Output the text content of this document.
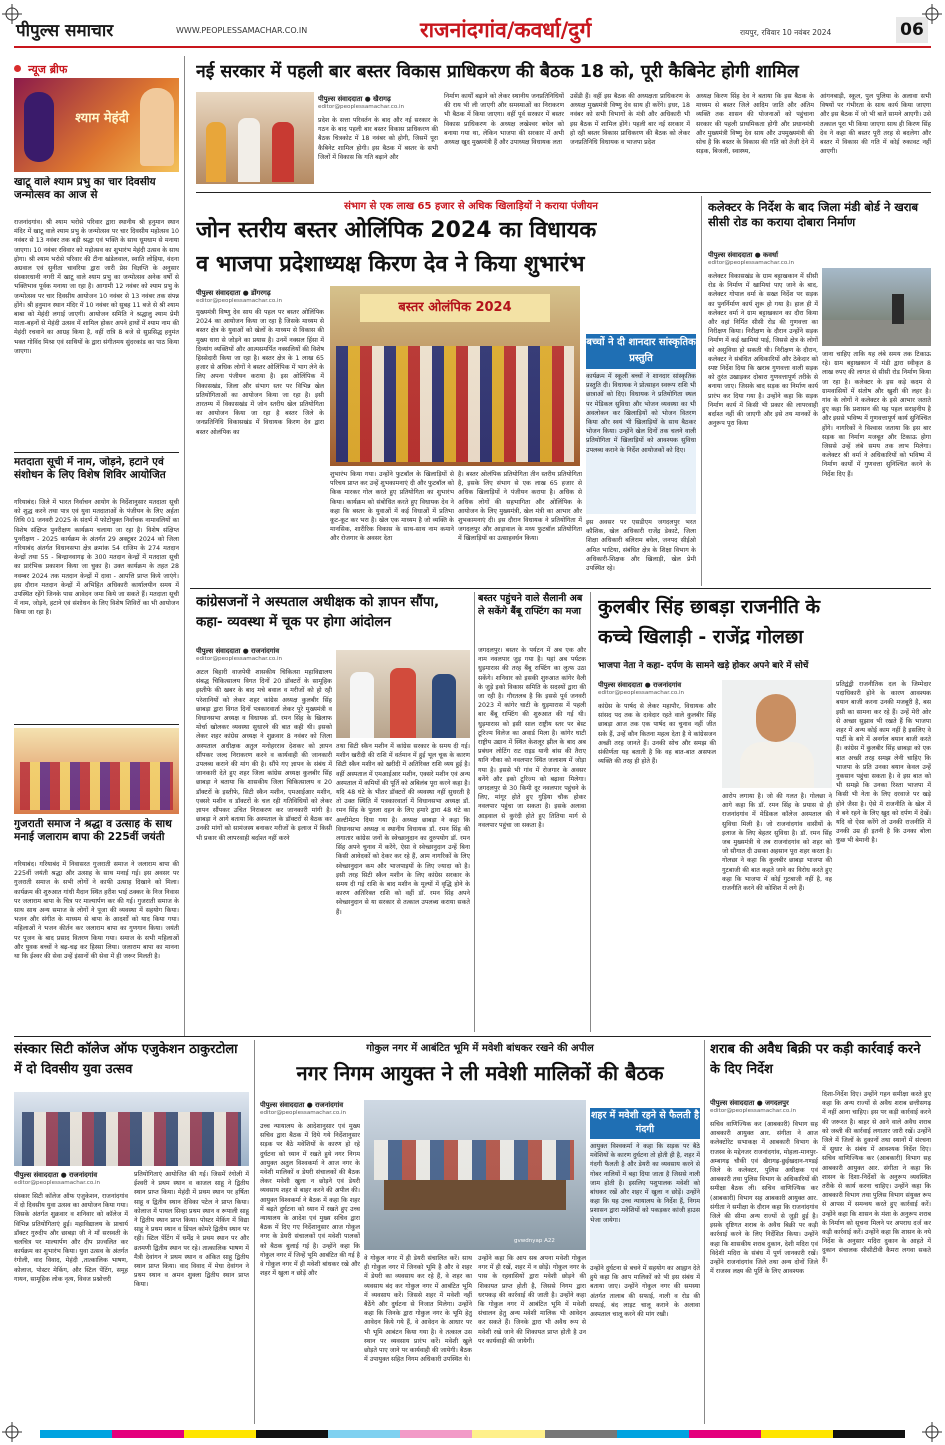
पीपुल्स समाचार	WWW.PEOPLESSAMACHAR.CO.IN	राजनांदगांव/कवर्धा/दुर्ग	रायपुर, रविवार 10 नवंबर 2024	06
न्यूज ब्रीफ
श्याम मेहंदी
खाटू वाले श्याम प्रभु का चार दिवसीय जन्मोत्सव का आज से
राजनांदगांव। श्री श्याम भरोसे परिवार द्वारा स्थानीय श्री हनुमान स्थान मंदिर में खाटू वाले श्याम प्रभु के जन्मोत्सव पर चार दिवसीय महोत्सव 10 नवंबर से 13 नवंबर तक बड़ी श्रद्धा एवं भक्ति के साथ धूमधाम से मनाया जाएगा। 10 नवंबर रविवार को महोत्सव का शुभारंभ मेहंदी उत्सव के साथ होगा। श्री श्याम भरोसे परिवार की टीना खंडेलवाल, स्वाति लोहिया, वंदना अग्रवाल एवं सुनीता चावरिया द्वारा जारी प्रेस विज्ञप्ति के अनुसार संस्कारधानी नगरी में खाटू वाले श्याम प्रभु का जन्मोत्सव अनेक वर्षों से भक्तिभाव पूर्वक मनाया जा रहा है। आगामी 12 नवंबर को श्याम प्रभु के जन्मोत्सव पर चार दिवसीय आयोजन 10 नवंबर से 13 नवंबर तक संपन्न होंगे। श्री हनुमान स्थान मंदिर में 10 नवंबर को सुबह 11 बजे से श्री श्याम बाबा को मेहंदी लगाई जाएगी। आयोजन समिति ने श्रद्धालु श्याम प्रेमी माता-बहनों से मेहंदी उत्सव में शामिल होकर अपने हाथों में श्याम नाम की मेहंदी रचवाने का आग्रह किया है, वहीं रात्रि 8 बजे से सुप्रसिद्ध हनुमंत भक्त गोविंद मिश्रा एवं साथियों के द्वारा संगीतमय सुंदरकांड का पाठ किया जाएगा।
मतदाता सूची में नाम, जोड़ने, हटाने एवं संशोधन के लिए विशेष शिविर आयोजित
गरियाबंद। जिले में भारत निर्वाचन आयोग के निर्देशानुसार मतदाता सूची को शुद्ध करने तथा पात्र एवं युवा मतदाताओं के पंजीयन के लिए अर्हता तिथि 01 जनवरी 2025 के संदर्भ में फोटोयुक्त निर्वाचक नामावलियों का विशेष संक्षिप्त पुनरीक्षण कार्यक्रम चलाया जा रहा है। विशेष संक्षिप्त पुनरीक्षण - 2025 कार्यक्रम के अंतर्गत 29 अक्टूबर 2024 को जिला गरियाबंद अंतर्गत विधानसभा क्षेत्र क्रमांक 54 राजिम के 274 मतदान केन्द्रों तथा 55 - बिन्द्रानवागढ़ के 300 मतदान केन्द्रों में मतदाता सूची का प्रारंभिक प्रकाशन किया जा चुका है। उक्त कार्यक्रम के तहत 28 नवम्बर 2024 तक मतदान केन्द्रों में दावा - आपत्ति प्राप्त किये जाएंगे। इस दौरान मतदान केन्द्रों में अभिहित अधिकारी कार्यालयीन समय में उपस्थित रहेंगे जिनके पास आवेदन जमा किये जा सकते हैं। मतदाता सूची में नाम, जोड़ने, हटाने एवं संशोधन के लिए विशेष शिविरों का भी आयोजन किया जा रहा है।
गुजराती समाज ने श्रद्धा व उत्साह के साथ मनाई जलाराम बापा की 225वीं जयंती
गरियाबंद। गरियाबंद में निवासरत गुजराती समाज ने जलाराम बापा की 225वीं जयंती श्रद्धा और उत्साह के साथ मनाई गई। इस अवसर पर गुजराती समाज के सभी लोगों ने काफी उत्साह दिखाने को मिला। कार्यक्रम की शुरुआत गांधी मैदान स्थित हरीश भाई ठक्कर के निज निवास पर जलाराम बापा के चित्र पर माल्यार्पण कर की गई। गुजराती समाज के साथ साथ अन्य समाज के लोगों ने पूजा की व्यवस्था में सहयोग किया। भजन और संगीत के माध्यम से बापा के आदर्शों को याद किया गया। महिलाओं ने भजन कीर्तन कर जलाराम बापा का गुणगान किया। जयंती पर पूजन के बाद प्रसाद वितरण किया गया। समाज के सभी महिलाओं और युवक बच्चों ने बढ़-चढ़ कर हिस्सा लिया। जलाराम बापा का मानना था कि ईश्वर की सेवा उन्हें इंसानों की सेवा में ही जरूर मिलती है।
नई सरकार में पहली बार बस्तर विकास प्राधिकरण की बैठक 18 को, पूरी कैबिनेट होगी शामिल
पीपुल्स संवाददाता ● खैरागढ़
editor@peoplessamachar.co.in
प्रदेश के सत्ता परिवर्तन के बाद और नई सरकार के गठन के बाद पहली बार बस्तर विकास प्राधिकरण की बैठक चित्रकोट में 18 नवंबर को होगी, जिसमें पूरा कैबिनेट शामिल होगी। इस बैठक में बस्तर के सभी जिलों में विकास कि गति बढ़ाने और
निर्माण कार्यों बढ़ाने को लेकर स्थानीय जनप्रतिनिधियों की राय भी ली जाएगी और समस्याओं का निराकरण भी बैठक में किया जाएगा। वहीं पूर्व सरकार में बस्तर विकास प्राधिकरण के अध्यक्ष लखेश्वर बघेल को बनाया गया था, लेकिन भाजपा की सरकार में अभी अध्यक्ष खुद मुख्यमंत्री हैं और उपाध्यक्ष विधायक लता
उसेंडी हैं। वहीं इस बैठक की अध्यक्षता प्राधिकरण के अध्यक्ष मुख्यमंत्री विष्णु देव साय ही करेंगे। इधर, 18 नवंबर को सभी विभागों के मंत्री और अधिकारी भी इस बैठक में शामिल होंगे। पहली बार नई सरकार में हो रही बस्तर विकास प्राधिकरण की बैठक को लेकर जनप्रतिनिधि विधायक व भाजपा प्रदेश
अध्यक्ष किरण सिंह देव ने बताया कि इस बैठक के माध्यम से बस्तर जिले आदिम जाति और अंतिम व्यक्ति तक शासन की योजनाओं को पहुंचाना सरकार की पहली प्राथमिकता होगी और प्रधानमंत्री और मुख्यमंत्री विष्णु देव साय और उपमुख्यमंत्री की सोच है कि बस्तर के विकास की गति को तेजी देने में सड़क, बिजली, स्वास्थ्य,
आंगनबाड़ी, स्कूल, पुल पुलिया के अलावा सभी विषयों पर गंभीरता के साथ कार्य किया जाएगा और इस बैठक में जो भी बातें सामने आएगी। उसे तत्काल पूरा भी किया जाएगा साथ ही किरण सिंह देव ने कहा की बस्तर पूरी तरह से बदलेगा और बस्तर में विकास की गति में कोई रुकावट नहीं आएगी।
संभाग से एक लाख 65 हजार से अधिक खिलाड़ियों ने कराया पंजीयन
जोन स्तरीय बस्तर ओलिंपिक 2024 का विधायक
व भाजपा प्रदेशाध्यक्ष किरण देव ने किया शुभारंभ
पीपुल्स संवाददाता ● डोंगरगढ़
editor@peoplessamachar.co.in
मुख्यमंत्री विष्णु देव साय की पहल पर बस्तर ओलिंपिक 2024 का आयोजन किया जा रहा है जिसके माध्यम से बस्तर क्षेत्र के युवाओं को खेलों के माध्यम से विकास की मुख्य धारा से जोड़ने का प्रयास है। उनमें नक्सल हिंसा में दिव्यांग व्यक्तियों और आत्मसमर्पित नक्सलियों की विशेष हिस्सेदारी किया जा रहा है। बस्तर क्षेत्र के 1 लाख 65 हजार से अधिक लोगों ने बस्तर ओलिंपिक में भाग लेने के लिए अपना पंजीयन कराया है। इस ओलिंपिक में विकासखंड, जिला और संभाग स्तर पर विभिन्न खेल प्रतियोगिताओं का आयोजन किया जा रहा है। इसी तारतम्य में विकासखंड में जोन स्तरीय खेल प्रतियोगिता का आयोजन किया जा रहा है बस्तर जिले के जनप्रतिनिधि विकासखंड में विधायक किरण देव द्वारा बस्तर ओलंपिक का
बस्तर ओलंपिक 2024
शुभारंभ किया गया। उन्होंने फुटबॉल के खिलाड़ियों से परिचय प्राप्त कर उन्हें शुभकामनाएं दी और फुटबॉल को किक मारकर गोल करते हुए प्रतियोगिता का शुभारंभ किया। कार्यक्रम को संबोधित करते हुए विधायक देव ने कहा कि बस्तर के युवाओं में कई विधाओं में प्रतिभा कूट-कूट कर भरा है। खेल एक माध्यम है जो व्यक्ति के मानसिक, शारीरिक विकास के साथ-साथ नाम कमाने और रोजगार के अवसर देता
है। बस्तर ओलंपिक प्रतियोगिता तीन स्तरीय प्रतियोगिता है, इसके लिए संभाग से एक लाख 65 हजार से अधिक खिलाड़ियों ने पंजीयन कराया है। अधिक से अधिक लोगों की सहभागिता और ओलिंपिक के आयोजन के लिए मुख्यमंत्री, खेल मंत्री का आभार और शुभकामनाएं दी। इस दौरान विधायक ने प्रतियोगिता में जगदलपुर और आड़ावाल के मध्य फुटबॉल प्रतियोगिता में खिलाड़ियों का उत्साहवर्धन किया।
बच्चों ने दी शानदार सांस्कृतिक प्रस्तुति
कार्यक्रम में स्कूली बच्चों ने शानदार सांस्कृतिक प्रस्तुति दी। विधायक ने प्रोत्साहन स्वरूप राशि भी छात्राओं को दिए। विधायक ने प्रतियोगिता स्थल पर मेडिकल सुविधा और भोजन व्यवस्था का भी अवलोकन कर खिलाड़ियों को भोजन वितरण किया और स्वयं भी खिलाड़ियों के साथ बैठकर भोजन किया। उन्होंने खेल दिनों तक चलने वाली प्रतियोगिता में खिलाड़ियों को आवश्यक सुविधा उपलब्ध कराने के निर्देश आयोजकों को दिए।
इस अवसर पर एसडीएम जगदलपुर भरत कौशिक, खेल अधिकारी राजेंद्र डेकाटे, जिला शिक्षा अधिकारी बलिराम बघेल, जनपद सीईओ अमित भाटिया, संबंधित क्षेत्र के शिक्षा विभाग के अधिकारी-शिक्षक और खिलाड़ी, खेल प्रेमी उपस्थित रहे।
कलेक्टर के निर्देश के बाद जिला मंडी बोर्ड ने खराब सीसी रोड का कराया दोबारा निर्माण
पीपुल्स संवाददाता ● कवर्धा
editor@peoplessamachar.co.in
कलेक्टर विकासखंड के ग्राम बट्टाखकान में सीसी रोड के निर्माण में खामियां पाए जाने के बाद, कलेक्टर गोपाल वर्मा के सख्त निर्देश पर सड़क का पुनर्निर्माण कार्य शुरू हो गया है। हाल ही में कलेक्टर वर्मा ने ग्राम बट्टाखकान का दौरा किया और वहां निर्मित सीसी रोड की गुणवत्ता का निरीक्षण किया। निरीक्षण के दौरान उन्होंने सड़क निर्माण में कई खामियां पाई, जिससे क्षेत्र के लोगों को असुविधा हो सकती थी। निरीक्षण के दौरान, कलेक्टर ने संबंधित अधिकारियों और ठेकेदार को स्पष्ट निर्देश दिया कि खराब गुणवत्ता वाली सड़क को तुरंत उखाड़कर दोबारा गुणवत्तापूर्ण तरीके से बनाया जाए। जिसके बाद सड़क का निर्माण कार्य प्रारंभ कर दिया गया है। उन्होंने कहा कि सड़क निर्माण कार्य में किसी भी प्रकार की लापरवाही बर्दाश्त नहीं की जाएगी और इसे तय मानकों के अनुरूप पूरा किया
जाना चाहिए ताकि यह लंबे समय तक टिकाऊ रहे। ग्राम बट्टाखकान में मंडी द्वारा स्वीकृत 8 लाख रुपए की लागत से सीसी रोड निर्माण किया जा रहा है। कलेक्टर के इस कड़े कदम से ग्रामवासियों में संतोष और खुशी की लहर है। गांव के लोगों ने कलेक्टर के इसे आभार जताते हुए कहा कि प्रशासन की यह पहल सराहनीय है और इससे भविष्य में गुणवत्तापूर्ण कार्य सुनिश्चित होंगे। नागरिकों ने विश्वास जताया कि इस बार सड़क का निर्माण मजबूत और टिकाऊ होगा जिससे उन्हें लंबे समय तक लाभ मिलेगा। कलेक्टर श्री वर्मा ने अधिकारियों को भविष्य में निर्माण कार्यों में गुणवत्ता सुनिश्चित करने के निर्देश दिए हैं।
कांग्रेसजनों ने अस्पताल अधीक्षक को ज्ञापन सौंपा, कहा- व्यवस्था में चूक पर होगा आंदोलन
पीपुल्स संवाददाता ● राजनांदगांव
editor@peoplessamachar.co.in
अटल बिहारी वाजपेयी शासकीय चिकित्सा महाविद्यालय संबद्ध चिकित्सालय विगत दिनों 20 डॉक्टरों के सामूहिक इस्तीफे की खबर के बाद मचे बवाल व मरीजों को हो रही परेशानियों को लेकर शहर कांग्रेस अध्यक्ष कुलबीर सिंह छाबड़ा द्वारा विगत दिनों पत्रकारवार्ता लेकर पूरे मुख्यमंत्री व विधानसभा अध्यक्ष व विधायक डॉ. रमन सिंह के खिलाफ मोर्चा खोलकर व्यवस्था सुधारने की बात कही थी। इसको लेकर शहर कांग्रेस अध्यक्ष ने शुक्रवार 8 नवंबर को जिला अस्पताल अधीक्षक अतुल मनोहरराव देशकर को ज्ञापन सौंपकर जल्द निराकरण करने व कार्यवाही की जानकारी उपलब्ध कराने की मांग की है। सौंपे गए ज्ञापन के संबंध में जानकारी देते हुए शहर जिला कांग्रेस अध्यक्ष कुलबीर सिंह छाबड़ा ने बताया कि शासकीय जिला चिकित्सालय व 20 डॉक्टरों के इस्तीफे, सिटी स्कैन मशीन, एमआईआर मशीन, एक्सरे मशीन व डॉक्टरों के चल रही गतिविधियों को लेकर ज्ञापन सौंपकर उचित निराकरण कर जानकारी मांगी है। छाबड़ा ने आगे बताया कि अस्पताल के डॉक्टरों से बैठक कर उनकी मांगों को सामंजस्य बनाकर मरीजों के इलाज में किसी भी प्रकार की लापरवाही बर्दाश्त नहीं करने
तथा सिटी स्कैन मशीन में कांग्रेस सरकार के समय दी गई। मशीन खरीदी की राशि में वर्तमान में हुई भूल चूक के कारण सिटी स्कैन मशीन को खरीदी में अतिरिक्त राशि व्यय हुई है। वहीं अस्पताल में एमआईआर मशीन, एक्सरे मशीन एवं अन्य अस्पताल में कमियों की पूर्ति को अबिलंब पूरा करने कहा है। यदि 48 घंटे के भीतर डॉक्टरों की व्यवस्था नहीं सुधरती है तो उक्त स्थिति में पत्रकारवार्ता में विधानसभा अध्यक्ष डॉ. रमन सिंह के पुतला दहन के लिए हमारे द्वारा 48 घंटे का अल्टीमेटम दिया गया है। अध्यक्ष छाबड़ा ने कहा कि विधानसभा अध्यक्ष व स्थानीय विधायक डॉ. रमन सिंह की लगातार कांग्रेस जनों के स्वेच्छानुदान का दुरुपयोग डॉ. रमन सिंह अपने चुनाव में करेंगे, ऐसा वे स्वेच्छानुदान उन्हें बिना किसी आवेदकों को देकर कर रहे हैं, आम नागरिकों के लिए स्वेच्छानुदान कम और भाजपाइयों के लिए ज्यादा को है। इसी तरह सिटी स्कैन मशीन के लिए कांग्रेस सरकार के समय दी गई राशि के बाद मशीन के मूल्यों में वृद्धि होने के कारण अतिरिक्त राशि को वहीं डॉ. रमन सिंह अपने स्वेच्छानुदान से या सरकार से तत्काल उपलब्ध कराया सकते हैं।
बस्तर पहुंचने वाले सैलानी अब ले सकेंगे बैंबू राफ्टिंग का मजा
जगदलपुर। बस्तर के पर्यटन में अब एक और नाम नवलपार जुड़ गया है। यहां अब पर्यटक धुड़मारास की तरह बैंबू राफ्टिंग का लुत्फ उठा सकेंगे। शनिवार को इसकी शुरुआत कांगेर वैली के जुड़े इको विकास समिति के सदस्यों द्वारा की जा रही है। गौरतलब है कि इससे पूर्व जनवरी 2023 में कांगेर घाटी के धुड़मारास में पहली बार बैंबू राफ्टिंग की शुरुआत की गई थी। धुड़मारास को इसी साल राष्ट्रीय स्तर पर बेस्ट टूरिज्म विलेज का अवार्ड मिला है। कांगेर घाटी राष्ट्रीय उद्यान में स्थित केशलूर झील के बाद अब प्रबंधन लोटिंग राट राइड यानी बांस की तैराए यानि नौका को नवलपार स्थित जलाशय में जोड़ा गया है। इससे भी गांव में रोजगार के अवसर बनेंगे और इको टूरिज्म को बढ़ावा मिलेगा। जगदलपुर से 30 किमी दूर नवलपार पहुंचने के लिए, मांगूर होते हुए गुड़िया चौक होकर नवलपार पहुंचा जा सकता है। इसके अलावा आड़वाल से कुरंदी होते हुए तितिया मार्ग से नवलपार पहुंचा जा सकता है।
कुलबीर सिंह छाबड़ा राजनीति के
कच्चे खिलाड़ी - राजेंद्र गोलछा
भाजपा नेता ने कहा- दर्पण के सामने खड़े होकर अपने बारे में सोचें
पीपुल्स संवाददाता ● राजनांदगांव
editor@peoplessamachar.co.in
कांग्रेस के पार्षद से लेकर महापौर, विधायक और सांसद पद तक के दावेदार रहते वाले कुलबीर सिंह छाबड़ा आज तक एक पार्षद का चुनाव नहीं जीत सके हैं, उन्हें कौन कितना महत्व देता है ये कांग्रेसजन अच्छी तरह जानते हैं। उनकी सोच और समझ की संकीर्णता यह बताती है कि वह बात-बात असफल व्यक्ति की तरह ही होते हैं।
आरोप लगाया है। जो की गलत है। गोलछा ने आगे कहा कि डॉ. रमन सिंह के प्रयास से ही राजनांदगांव में मेडिकल कॉलेज अस्पताल की सुविधा मिली है। जो राजनांदगांव वासीयों के इलाज के लिए बेहतर सुविधा है। डॉ. रमन सिंह जब मुख्यमंत्री थे तब राजनांदगांव को शहर को जो सौगात दी उसका अहसान पूरा शहर करता है। गोलछा ने कहा कि कुलबीर छाबड़ा भाजपा की गुटबाजी की बात कहते जाने का विरोध करते हुए कहा कि भाजपा में कोई गुटबाजी नहीं है, वह राजनीति करने की कोशिश में लगे हैं।
प्रतिद्वंद्वी राजनीतिक दल के जिम्मेदार पदाधिकारी होने के कारण आवश्यक बयान बाजी करना उनकी मजबूरी है, बस इसी का सामना कर रहे हैं। उन्हें मेरी ओर से अच्छा सुझाव भी रखते हैं कि भाजपा शहर में अन्य कोई काम नहीं है इसलिए वे पार्टी के बारे में अनर्गल बयान बाजी करते हैं। कांग्रेस में कुलबीर सिंह छाबड़ा को एक बात अच्छी तरह समझ लेनी चाहिए कि भाजपा के प्रति उनका बयान केवल उन्हें नुकसान पहुंचा सकता है। वे इस बात को भी समझे कि उनका रिश्ता भाजपा में किसी भी नेता के लिए दरवाजे पर खड़े होने जैसा है। ऐसे में राजनीति के खेल में वे बने रहने के लिए खुद को दर्पण में देखें। यदि वो ऐसा करेंगे तो उनकी राजनीति में उनकी उम्र ही इतनी है कि उनका बोला कुछ भी बेमानी है।
संस्कार सिटी कॉलेज ऑफ एजुकेशन ठाकुरटोला में दो दिवसीय युवा उत्सव
पीपुल्स संवाददाता ● राजनांदगांव
editor@peoplessamachar.co.in
संस्कार सिटी कॉलेज ऑफ एजुकेशन, राजनांदगांव में दो दिवसीय युवा उत्सव का आयोजन किया गया। जिसके अंतर्गत शुक्रवार व शनिवार को कॉलेज में विभिन्न प्रतियोगिताएं हुई। महाविद्यालय के प्राचार्य डॉक्टर गुरुदीप और छाबड़ा जी ने माँ सरस्वती के चलचित्र पर माल्यार्पण और दीप प्रज्वलित कर कार्यक्रम का शुभारंभ किया। युवा उत्सव के अंतर्गत रंगोली, वाद विवाद, मेहंदी ,तात्कालिक भाषण, कोलाज, पोस्टर मेकिंग, और स्टिल पेंटिंग, समूह गायन, सामूहिक लोक नृत्य, विवज प्रश्नोत्तरी
प्रतियोगिताएं आयोजित की गई। जिसमें रंगोली में ईश्वरी ने प्रथम स्थान व काजल साहू ने द्वितीय स्थान प्राप्त किया। मेहंदी में प्रथम स्थान पर हर्षिता साहू व द्वितीय स्थान देविका पटेल ने प्राप्त किया। कोलाज में पायल सिन्हा प्रथम स्थान व रूपाली साहू ने द्वितीय स्थान प्राप्त किया। पोस्टर मेकिंग में विद्या साहू ने प्रथम स्थान व डिंपल कोमरे द्वितीय स्थान पर रही। स्टिल पेंटिंग में धर्मेंद्र ने प्रथम स्थान पर और व्रतमणी द्वितीय स्थान पर रहे। तात्कालिक भाषण में मैत्री देवांगन ने प्रथम स्थान व अंकित साहू द्वितीय स्थान प्राप्त किया। वाद विवाद में मेघा देवांगन ने प्रथम स्थान व अमन शुक्ला द्वितीय स्थान प्राप्त किया।
गोकुल नगर में आबंटित भूमि में मवेशी बांधकर रखने की अपील
नगर निगम आयुक्त ने ली मवेशी मालिकों की बैठक
पीपुल्स संवाददाता ● राजनांदगांव
editor@peoplessamachar.co.in
उच्च न्यायालय के आदेशानुसार एवं मुख्य सचिव द्वारा बैठक में दिये गये निर्देशानुसार सड़क पर बैठे मवेशियों के कारण हो रहे दुर्घटना को ध्यान में रखते हुये नगर निगम आयुक्त अतुल विश्वकर्मा ने आज नगर के मवेशी मालिकों व डेयरी संचालकों की बैठक लेकर मवेशी खुला न छोड़ने एवं डेयरी व्यवसाय शहर से बाहर करने की अपील की। आयुक्त विश्वकर्मा ने बैठक में कहा कि शहर में बढ़ते दुर्घटना को ध्यान में रखते हुए उच्च न्यायालय के आदेश एवं मुख्य सचिव द्वारा बैठक में दिए गए निर्देशानुसार आज गोकुल नगर के डेयरी संचालकों एवं मवेशी पालकों को बैठक बुलाई गई है। उन्होंने कहा कि गोकुल नगर में जिन्हें भूमि आबंटित की गई है वे गोकुल नगर में ही मवेशी बांधकर रखे और शहर में खुला न छोड़ें और
gvwdnyap A22
वे गोकुल नगर में ही डेयरी संचालित करें। साथ ही गोकुल नगर में जिनको भूमि है और वे शहर में डेयरी का व्यवसाय कर रहे हैं, वे शहर का व्यवसाय बंद कर गोकुल नगर में आबंटित भूमि में व्यवसाय करें। जिससे शहर में मवेशी नहीं बैठेंगे और दुर्घटना से निजात मिलेगा। उन्होंने कहा कि जिनके द्वारा गोकुल नगर के भूमि हेतु आवेदन किये गये हैं, वे आवेदन के आधार पर भी भूमि आबंटन किया गया है। वे तत्काल उस स्थान पर व्यवसाय प्रारंभ करें। मवेशी खुले छोड़ते पाए जाने पर कार्यवाही की जायेगी। बैठक में उपायुक्त सहित निगम अधिकारी उपस्थित थे।
उन्होंने कहा कि आप सब अपना मवेशी गोकुल नगर में ही रखें, शहर में न छोड़ें। गोकुल नगर के पास के रहवासियों द्वारा मवेशी छोड़ने की शिकायत प्राप्त होती है, जिससे निगम द्वारा धरपकड़ की कार्रवाई की जाती है। उन्होंने कहा कि गोकुल नगर में आबंटित भूमि में मवेशी संचालन हेतु अन्य मवेशी मालिक भी आवेदन कर सकते हैं। जिनके द्वारा भी अवैध रूप से मवेशी रखे जाने की शिकायत प्राप्त होती है उन पर कार्यवाही की जायेगी।
शहर में मवेशी रहने से फैलती है गंदगी
आयुक्त विश्वकर्मा ने कहा कि सड़क पर बैठे मवेशियों के कारण दुर्घटना तो होती ही है, शहर में गंदगी फैलती है और डेयरी का व्यवसाय करने से गोबर नालियों में बहा दिया जाता है जिससे नाली जाम होती है। इसलिए पशुपालक मवेशी को बांधकर रखें और शहर में खुला न छोड़ें। उन्होंने कहा कि यह उच्च न्यायालय के निर्देश हैं, निगम प्रशासन द्वारा मवेशियों को पकड़कर कांजी हाउस भेजा जायेगा।
उन्होंने दुर्घटना से बचने में सहयोग का आह्वान देते हुये कहा कि आप मालिकों को भी इस संबंध में बताया जाए। उन्होंने गोकुल नगर की समस्या अंतर्गत तालाब की सफाई, नाली व रोड की सफाई, बंद लाइट चालू कराने के अलावा अस्पताल चालू करने की मांग रखी।
शराब की अवैध बिक्री पर कड़ी कार्रवाई करने के दिए निर्देश
पीपुल्स संवाददाता ● जगदलपुर
editor@peoplessamachar.co.in
सचिव वाणिज्यिक कर (आबकारी) विभाग सह आबकारी आयुक्त आर. संगीता ने आज कलेक्टोरेट सभाकक्ष में आबकारी विभाग के राजस्व के मद्देनजर राजनांदगांव, मोहला-मानपुर-अम्बागढ़ चौकी एवं खैरागढ़-छुईखदान-गण्डई जिले के कलेक्टर, पुलिस अधीक्षक एवं आबकारी तथा पुलिस विभाग के अधिकारियों की समीक्षा बैठक ली। सचिव वाणिज्यिक कर (आबकारी) विभाग सह आबकारी आयुक्त आर. संगीता ने समीक्षा के दौरान कहा कि राजनांदगांव जिले की सीमा अन्य राज्यों से जुड़ी हुई है। इसके दृष्टिगत शराब के अवैध बिक्री पर कड़ी कार्रवाई करने के लिए निर्देशित किया। उन्होंने कहा कि शासकीय शराब दुकान, देशी मदिरा एवं विदेशी मदिरा के संबंध में पूर्ण जानकारी रखें। उन्होंने राजनांदगांव जिले तथा अन्य दोनों जिले में राजस्व लक्ष्य की पूर्ति के लिए आवश्यक
दिशा-निर्देश दिए। उन्होंने गहन समीक्षा करते हुए कहा कि अन्य राज्यों से अवैध शराब छत्तीसगढ़ में नहीं आना चाहिए। इस पर कड़ी कार्रवाई करने की जरूरत है। बाहर से आने वाले अवैध शराब को जब्ती की कार्रवाई लगातार जारी रखें। उन्होंने जिले में जिलों के दुकानों तथा स्थानों में संरचना में सुधार के संबंध में आवश्यक निर्देश दिए। सचिव वाणिज्यिक कर (आबकारी) विभाग सह आबकारी आयुक्त आर. संगीता ने कहा कि शासन के दिशा-निर्देशों के अनुरूप व्यवस्थित तरीके से कार्य करना चाहिए। उन्होंने कहा कि आबकारी विभाग तथा पुलिस विभाग संयुक्त रूप से आपस में समन्वय करते हुए कार्रवाई करें। उन्होंने कहा कि शासन के मंशा के अनुरूप शराब के निर्माण को सूचना मिलने पर अपराध दर्ज कर कड़ी कार्रवाई करें। उन्होंने कहा कि शासन के नये निर्देश के अनुसार मदिरा दुकान के आहते में दुकान संचालक सीसीटीवी कैमरा लगवा सकते हैं।
